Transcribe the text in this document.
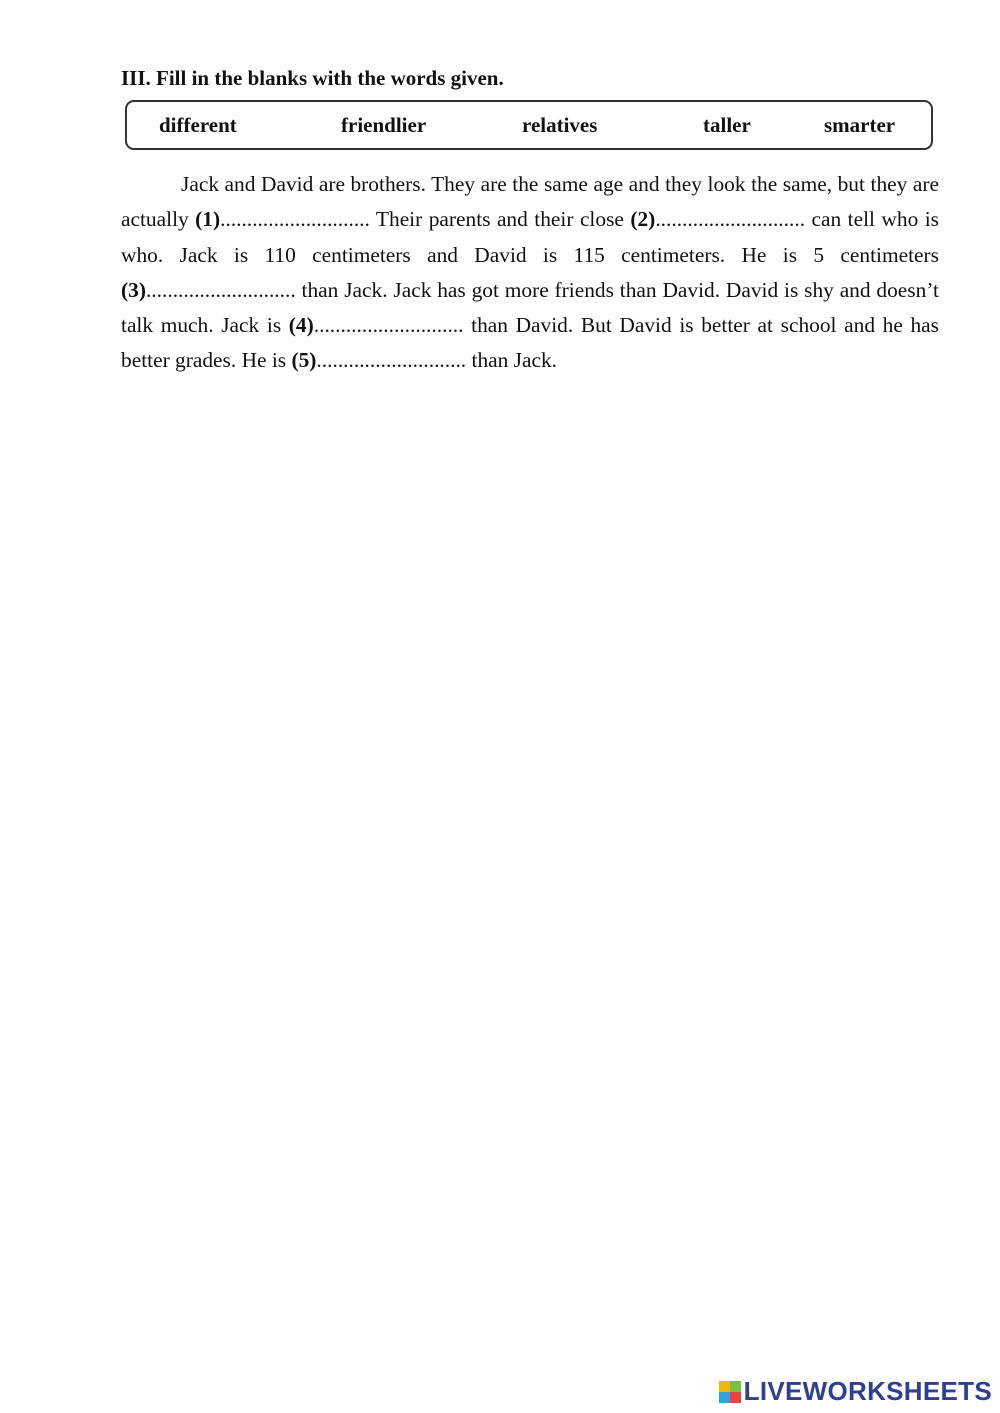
III. Fill in the blanks with the words given.
different	friendlier	relatives	taller	smarter

Jack and David are brothers. They are the same age and they look the same, but they are actually (1)............................ Their parents and their close (2)............................ can tell who is who. Jack is 110 centimeters and David is 115 centimeters. He is 5 centimeters (3)............................ than Jack. Jack has got more friends than David. David is shy and doesn’t talk much. Jack is (4)............................ than David. But David is better at school and he has better grades. He is (5)............................ than Jack.

LIVEWORKSHEETS
